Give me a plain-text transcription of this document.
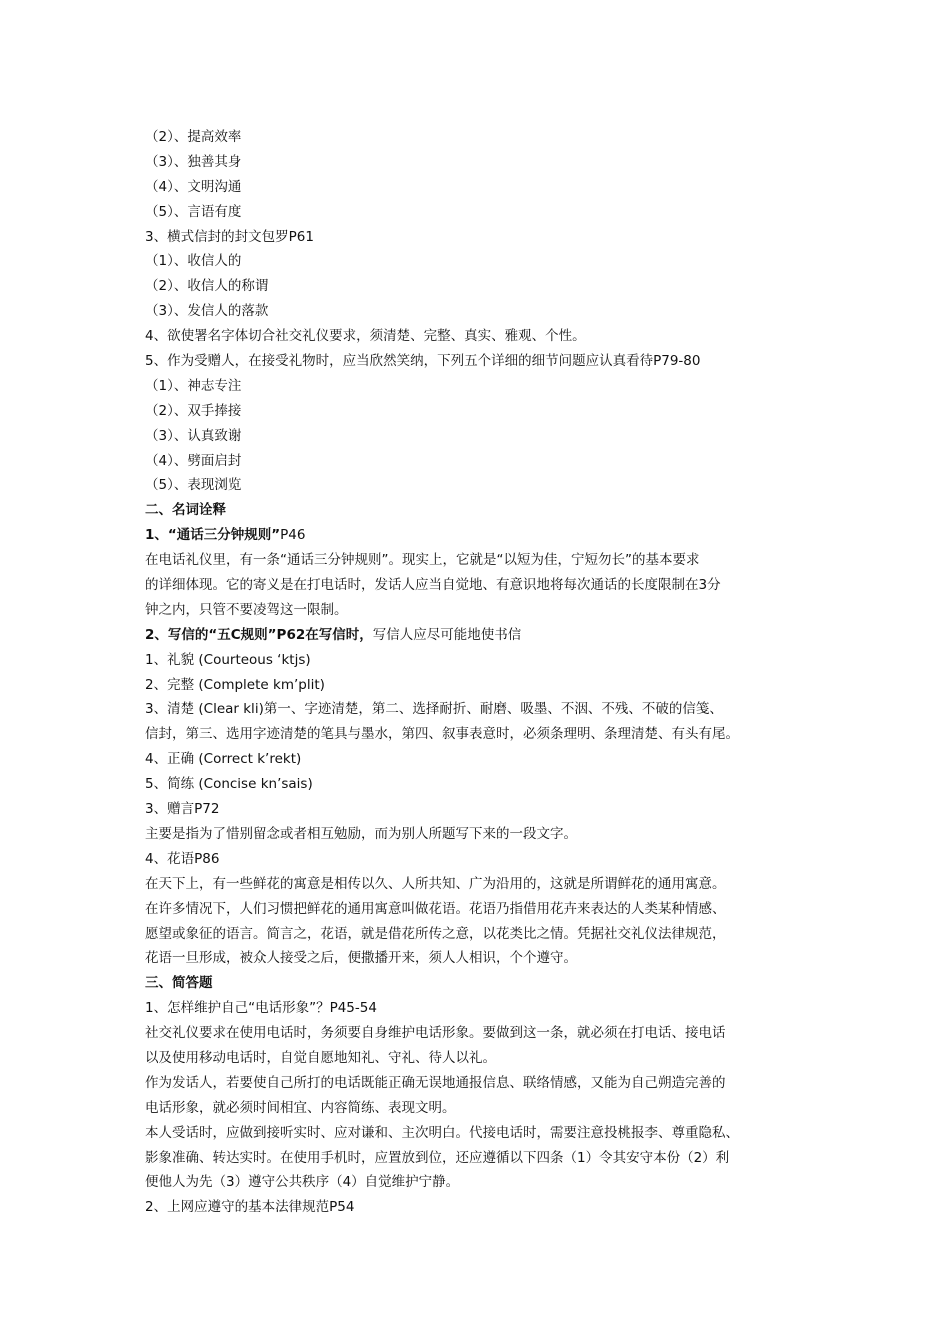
（2）、提高效率
（3）、独善其身
（4）、文明沟通
（5）、言语有度
3、横式信封的封文包罗P61
（1）、收信人的
（2）、收信人的称谓
（3）、发信人的落款
4、欲使署名字体切合社交礼仪要求，须清楚、完整、真实、雅观、个性。
5、作为受赠人，在接受礼物时，应当欣然笑纳，下列五个详细的细节问题应认真看待P79-80
（1）、神志专注
（2）、双手捧接
（3）、认真致谢
（4）、劈面启封
（5）、表现浏览
二、名词诠释
1、“通话三分钟规则”P46
在电话礼仪里，有一条“通话三分钟规则”。现实上，它就是“以短为佳，宁短勿长”的基本要求
的详细体现。它的寄义是在打电话时，发话人应当自觉地、有意识地将每次通话的长度限制在3分
钟之内，只管不要凌驾这一限制。
2、写信的“五C规则”P62在写信时，写信人应尽可能地使书信
1、礼貌 (Courteous ‘ktjs)
2、完整 (Complete km’plit)
3、清楚 (Clear kli)第一、字迹清楚，第二、选择耐折、耐磨、吸墨、不洇、不残、不破的信笺、
信封，第三、选用字迹清楚的笔具与墨水，第四、叙事表意时，必须条理明、条理清楚、有头有尾。
4、正确 (Correct k’rekt)
5、简练 (Concise kn’sais)
3、赠言P72
主要是指为了惜别留念或者相互勉励，而为别人所题写下来的一段文字。
4、花语P86
在天下上，有一些鲜花的寓意是相传以久、人所共知、广为沿用的，这就是所谓鲜花的通用寓意。
在许多情况下，人们习惯把鲜花的通用寓意叫做花语。花语乃指借用花卉来表达的人类某种情感、
愿望或象征的语言。简言之，花语，就是借花所传之意，以花类比之情。凭据社交礼仪法律规范，
花语一旦形成，被众人接受之后，便撒播开来，须人人相识，个个遵守。
三、简答题
1、怎样维护自己“电话形象”？P45-54
社交礼仪要求在使用电话时，务须要自身维护电话形象。要做到这一条，就必须在打电话、接电话
以及使用移动电话时，自觉自愿地知礼、守礼、待人以礼。
作为发话人，若要使自己所打的电话既能正确无误地通报信息、联络情感，又能为自己朔造完善的
电话形象，就必须时间相宜、内容简练、表现文明。
本人受话时，应做到接听实时、应对谦和、主次明白。代接电话时，需要注意投桃报李、尊重隐私、
影象准确、转达实时。在使用手机时，应置放到位，还应遵循以下四条（1）令其安守本份（2）利
便他人为先（3）遵守公共秩序（4）自觉维护宁静。
2、上网应遵守的基本法律规范P54
